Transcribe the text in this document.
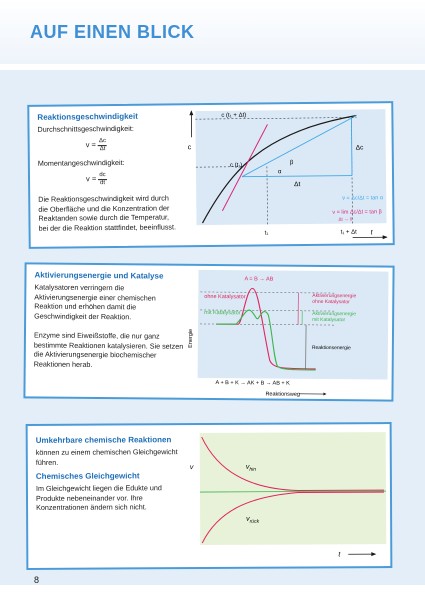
AUF EINEN BLICK
Reaktionsgeschwindigkeit
Durchschnittsgeschwindigkeit:
$v = \frac{\Delta c}{\Delta t}$
Momentangeschwindigkeit:
$v = \frac{dc}{dt}$
Die Reaktionsgeschwindigkeit wird durch die Oberfläche und die Konzentration der Reaktanden sowie durch die Temperatur, bei der die Reaktion stattfindet, beeinflusst.
c
c (t₁ + Δt)
c (t₁)
α
β
Δc
Δt
v̄ = Δc/Δt = tan α
v = lim Δc/Δt = tan β
Δt → 0
t₁	t₁ + Δt t
Aktivierungsenergie und Katalyse
Katalysatoren verringern die Aktivierungsenergie einer chemischen Reaktion und erhöhen damit die Geschwindigkeit der Reaktion.
Enzyme sind Eiweißstoffe, die nur ganz bestimmte Reaktionen katalysieren. Sie setzen die Aktivierungsenergie biochemischer Reaktionen herab.
A = B → AB
ohne Katalysator
mit Katalysator
Aktivierungsenergie
ohne Katalysator
Aktivierungsenergie
mit Katalysator
Reaktionsenergie
Energie
A + B + K → AK + B → AB + K
Reaktionsweg
Umkehrbare chemische Reaktionen
können zu einem chemischen Gleichgewicht führen.
Chemisches Gleichgewicht
Im Gleichgewicht liegen die Edukte und Produkte nebeneinander vor. Ihre Konzentrationen ändern sich nicht.
v	$v_{hin}$
$v_{rück}$
t
8
